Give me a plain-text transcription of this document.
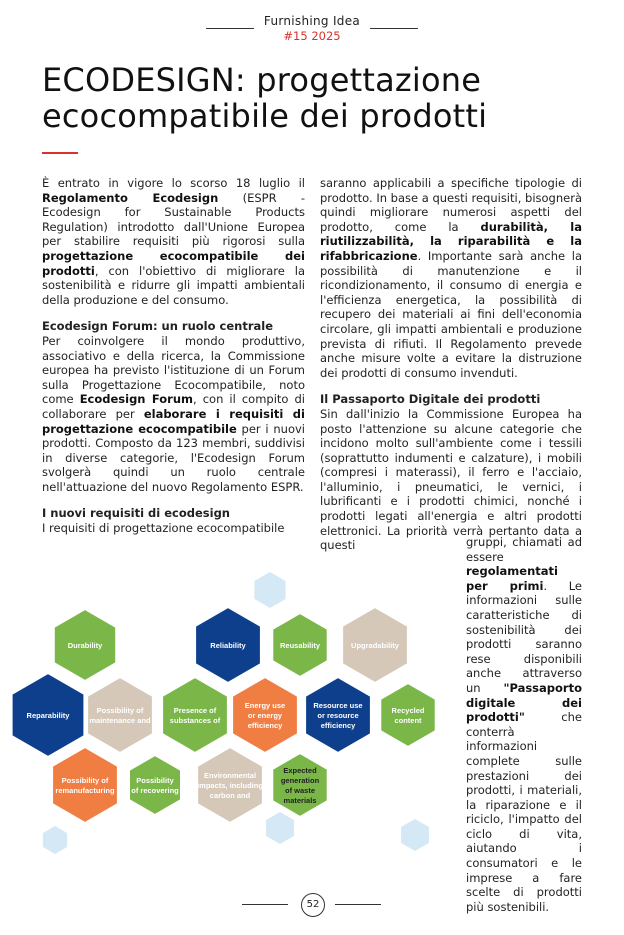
Furnishing Idea
#15 2025
ECODESIGN: progettazione ecocompatibile dei prodotti

È entrato in vigore lo scorso 18 luglio il Regolamento Ecodesign (ESPR - Ecodesign for Sustainable Products Regulation) introdotto dall'Unione Europea per stabilire requisiti più rigorosi sulla progettazione ecocompatibile dei prodotti, con l'obiettivo di migliorare la sostenibilità e ridurre gli impatti ambientali della produzione e del consumo.

Ecodesign Forum: un ruolo centrale

Per coinvolgere il mondo produttivo, associativo e della ricerca, la Commissione europea ha previsto l'istituzione di un Forum sulla Progettazione Ecocompatibile, noto come Ecodesign Forum, con il compito di collaborare per elaborare i requisiti di progettazione ecocompatibile per i nuovi prodotti. Composto da 123 membri, suddivisi in diverse categorie, l'Ecodesign Forum svolgerà quindi un ruolo centrale nell'attuazione del nuovo Regolamento ESPR.

I nuovi requisiti di ecodesign

I requisiti di progettazione ecocompatibile

saranno applicabili a specifiche tipologie di prodotto. In base a questi requisiti, bisognerà quindi migliorare numerosi aspetti del prodotto, come la durabilità, la riutilizzabilità, la riparabilità e la rifabbricazione. Importante sarà anche la possibilità di manutenzione e il ricondizionamento, il consumo di energia e l'efficienza energetica, la possibilità di recupero dei materiali ai fini dell'economia circolare, gli impatti ambientali e produzione prevista di rifiuti. Il Regolamento prevede anche misure volte a evitare la distruzione dei prodotti di consumo invenduti.

Il Passaporto Digitale dei prodotti

Sin dall'inizio la Commissione Europea ha posto l'attenzione su alcune categorie che incidono molto sull'ambiente come i tessili (soprattutto indumenti e calzature), i mobili (compresi i materassi), il ferro e l'acciaio, l'alluminio, i pneumatici, le vernici, i lubrificanti e i prodotti chimici, nonché i prodotti legati all'energia e altri prodotti elettronici. La priorità verrà pertanto data a questi	gruppi, chiamati ad essere regolamentati per primi. Le informazioni sulle caratteristiche di sostenibilità dei prodotti saranno rese disponibili anche attraverso un "Passaporto digitale dei prodotti" che conterrà informazioni complete sulle prestazioni dei prodotti, i materiali, la riparazione e il riciclo, l'impatto del ciclo di vita, aiutando i consumatori e le imprese a fare scelte di prodotti più sostenibili.

Durability
Reparability
Possibility of
maintenance and
Possibility of
remanufacturing
Possibility
of recovering
Presence of
substances of
Reliability
Energy use
or energy
efficiency
Environmental
impacts, including
carbon and
Reusability
Resource use
or resource
efficiency
Expected
generation
of waste
materials
Upgradability
Recycled
content
52
